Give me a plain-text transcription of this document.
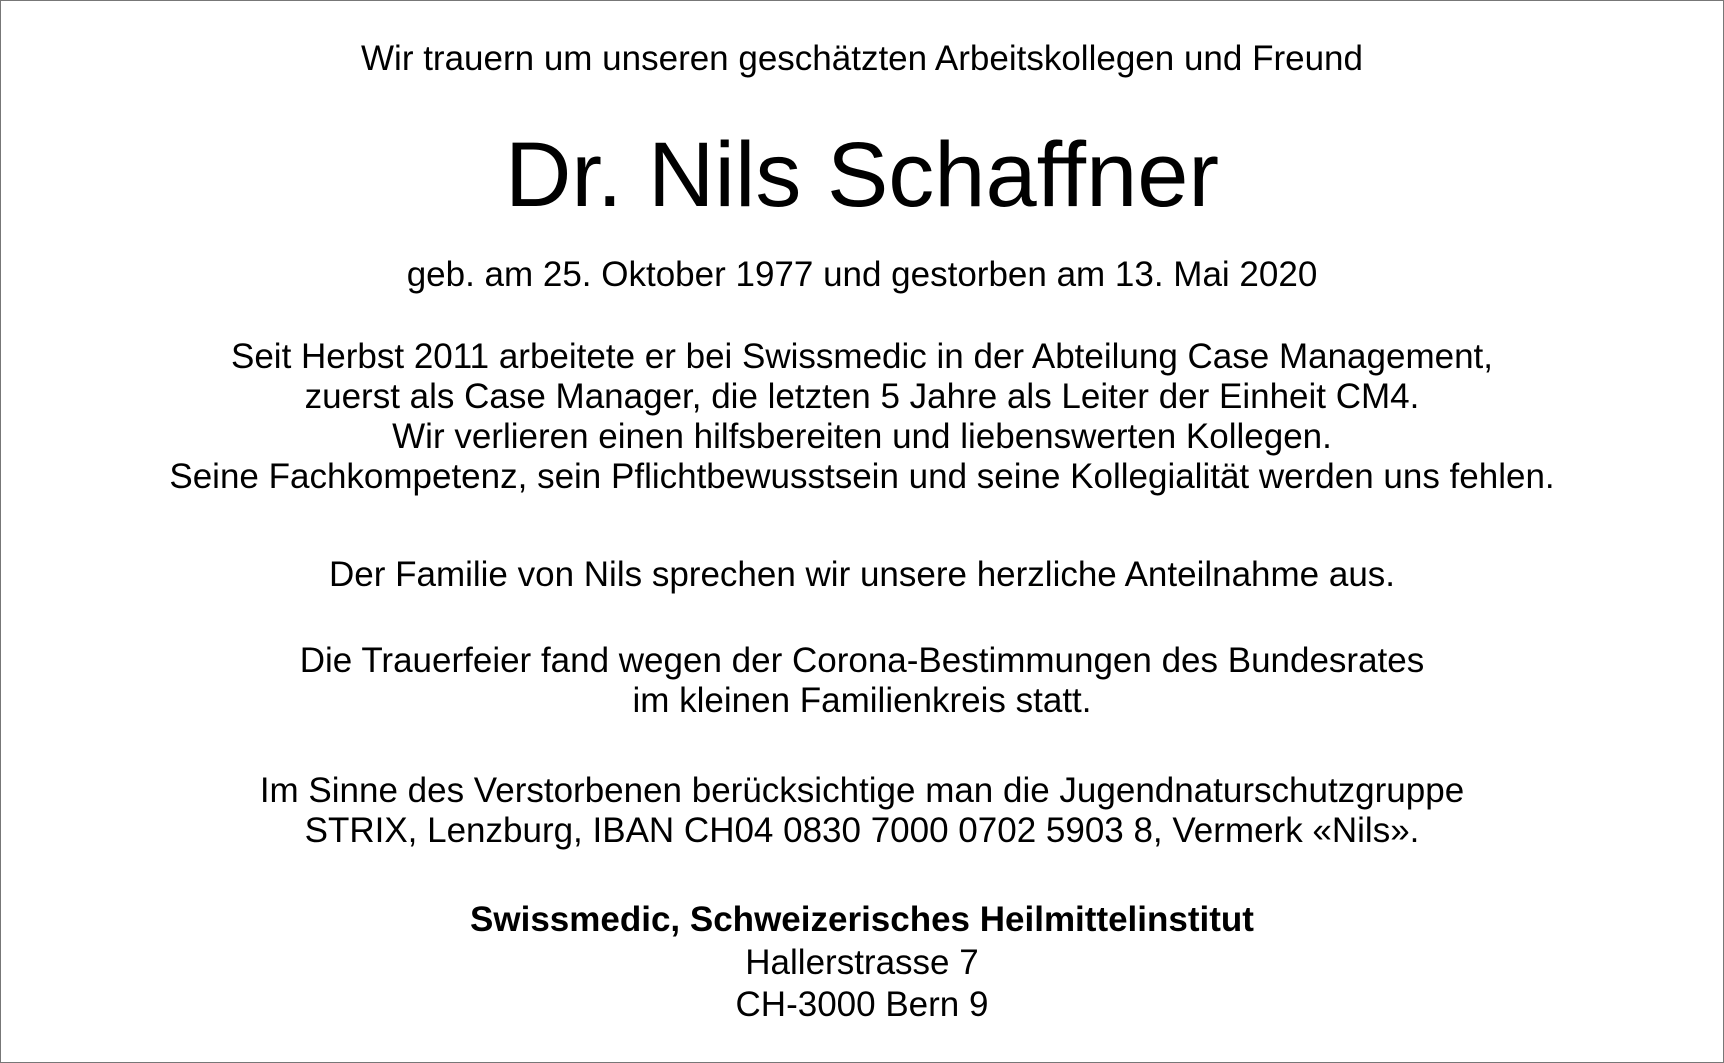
Wir trauern um unseren geschätzten Arbeitskollegen und Freund
Dr. Nils Schaffner
geb. am 25. Oktober 1977 und gestorben am 13. Mai 2020
Seit Herbst 2011 arbeitete er bei Swissmedic in der Abteilung Case Management,
zuerst als Case Manager, die letzten 5 Jahre als Leiter der Einheit CM4.
Wir verlieren einen hilfsbereiten und liebenswerten Kollegen.
Seine Fachkompetenz, sein Pflichtbewusstsein und seine Kollegialität werden uns fehlen.
Der Familie von Nils sprechen wir unsere herzliche Anteilnahme aus.
Die Trauerfeier fand wegen der Corona-Bestimmungen des Bundesrates
im kleinen Familienkreis statt.
Im Sinne des Verstorbenen berücksichtige man die Jugendnaturschutzgruppe
STRIX, Lenzburg, IBAN CH04 0830 7000 0702 5903 8, Vermerk «Nils».
Swissmedic, Schweizerisches Heilmittelinstitut
Hallerstrasse 7
CH-3000 Bern 9
